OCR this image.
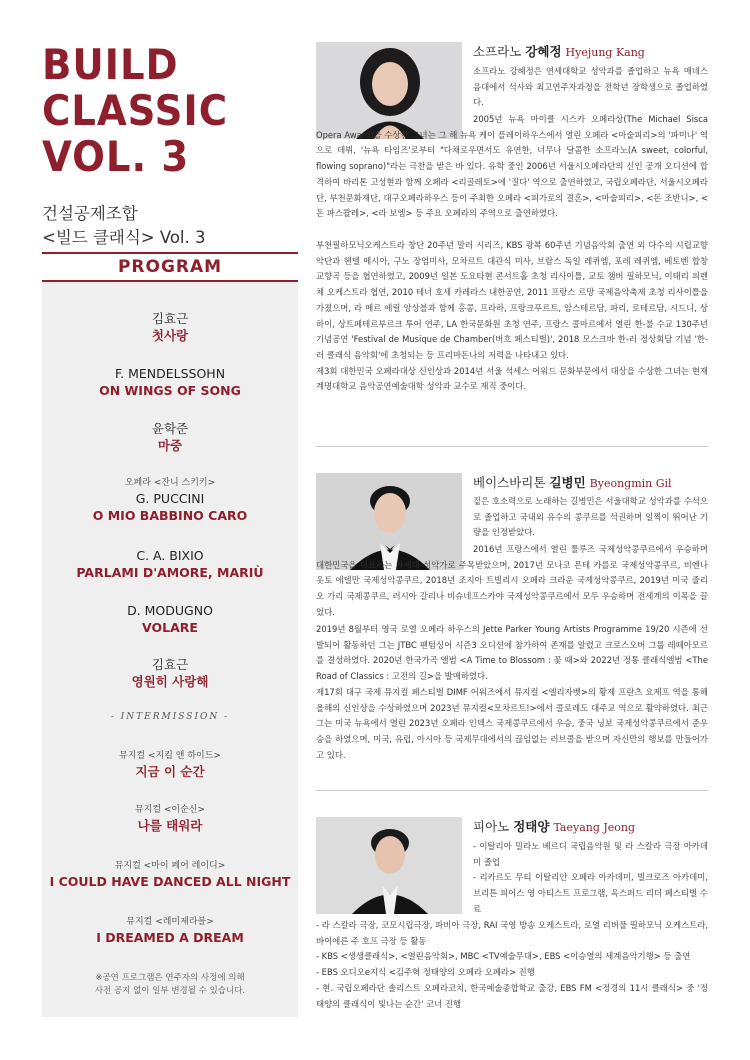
BUILD
CLASSIC
VOL. 3
건설공제조합
<빌드 클래식> Vol. 3
PROGRAM
김효근
첫사랑
F. MENDELSSOHN
ON WINGS OF SONG
윤학준
마중
오페라 <잔니 스키키>
G. PUCCINI
O MIO BABBINO CARO
C. A. BIXIO
PARLAMI D'AMORE, MARIÙ
D. MODUGNO
VOLARE
김효근
영원히 사랑해
- INTERMISSION -
뮤지컬 <지킬 앤 하이드>
지금 이 순간
뮤지컬 <이순신>
나를 태워라
뮤지컬 <마이 페어 레이디>
I COULD HAVE DANCED ALL NIGHT
뮤지컬 <레미제라블>
I DREAMED A DREAM
※공연 프로그램은 연주자의 사정에 의해
사전 공지 없이 일부 변경될 수 있습니다.
소프라노 강혜정 Hyejung Kang

소프라노 강혜정은 연세대학교 성악과를 졸업하고 뉴욕 매네스 음대에서 석사와 최고연주자과정을 전학년 장학생으로 졸업하였다.

2005년 뉴욕 마이클 시스카 오페라상(The Michael Sisca Opera Award)을 수상한 그녀는 그 해 뉴욕 케이 플레이하우스에서 열린 오페라 <마술피리>의 '파미나' 역으로 데뷔, '뉴욕 타임즈'로부터 "다채로우면서도 유연한, 너무나 달콤한 소프라노(A sweet, colorful, flowing soprano)"라는 극찬을 받은 바 있다. 유학 중인 2006년 서울시오페라단의 신인 공개 오디션에 합격하여 바리톤 고성현과 함께 오페라 <리골레토>에 '질다' 역으로 출연하였고, 국립오페라단, 서울시오페라단, 부천문화재단, 대구오페라하우스 등이 주최한 오페라 <피가로의 결혼>, <마술피리>, <돈 조반니>, <돈 파스콸레>, <라 보엠> 등 주요 오페라의 주역으로 출연하였다.

부천필하모닉오케스트라 창단 20주년 말러 시리즈, KBS 광복 60주년 기념음악회 출연 외 다수의 시립교향악단과 헨델 메시아, 구노 장엄미사, 모차르트 대관식 미사, 브람스 독일 레퀴엠, 포레 레퀴엠, 베토벤 합창 교향곡 등을 협연하였고, 2009년 일본 도요타현 콘서트홀 초청 리사이틀, 교토 챔버 필하모닉, 이태리 피렌체 오케스트라 협연, 2010 테너 호세 카레라스 내한공연, 2011 프랑스 르망 국제음악축제 초청 리사이틀을 가졌으며, 라 메르 에릴 앙상블과 함께 홍콩, 프라하, 프랑크푸르트, 암스테르담, 파리, 로테르담, 시드니, 상하이, 상트페테르부르크 투어 연주, LA 한국문화원 초청 연주, 프랑스 콜마르에서 열린 한-불 수교 130주년 기념공연 'Festival de Musique de Chamber(버흐 페스티벌)', 2018 모스크바 한-러 정상회담 기념 '한-러 클래식 음악회'에 초청되는 등 프리마돈나의 저력을 나타내고 있다.

제3회 대한민국 오페라대상 신인상과 2014년 서울 석세스 어워드 문화부문에서 대상을 수상한 그녀는 현재 계명대학교 음악공연예술대학 성악과 교수로 재직 중이다.

베이스바리톤 길병민 Byeongmin Gil

짙은 호소력으로 노래하는 길병민은 서울대학교 성악과를 수석으로 졸업하고 국내외 유수의 콩쿠르를 석권하며 일찍이 뛰어난 기량을 인정받았다.

2016년 프랑스에서 열린 툴루즈 국제성악콩쿠르에서 우승하며 대한민국을 대표하는 차세대 성악가로 주목받았으며, 2017년 모나코 몬테 카를로 국제성악콩쿠르, 비엔나 옷토 에델만 국제성악콩쿠르, 2018년 조지아 트빌리시 오페라 크라운 국제성악콩쿠르, 2019년 미국 줄리오 가리 국제콩쿠르, 러시아 갈리나 비슈네프스카야 국제성악콩쿠르에서 모두 우승하며 전세계의 이목을 끌었다.

2019년 8월부터 영국 로열 오페라 하우스의 Jette Parker Young Artists Programme 19/20 시즌에 선발되어 활동하던 그는 JTBC 팬텀싱어 시즌3 오디션에 참가하여 존재를 알렸고 크로스오버 그룹 레떼아모르를 결성하였다. 2020년 한국가곡 앨범 <A Time to Blossom : 꽃 때>와 2022년 정통 클래식앨범 <The Road of Classics : 고전의 길>을 발매하였다.

제17회 대구 국제 뮤지컬 페스티벌 DIMF 어워즈에서 뮤지컬 <엘리자벳>의 황제 프란츠 요제프 역을 통해 올해의 신인상을 수상하였으며 2023년 뮤지컬<모차르트!>에서 콜로레도 대주교 역으로 활약하였다. 최근 그는 미국 뉴욕에서 열린 2023년 오페라 인덱스 국제콩쿠르에서 우승, 중국 닝보 국제성악콩쿠르에서 준우승을 하였으며, 미국, 유럽, 아시아 등 국제무대에서의 끊임없는 러브콜을 받으며 자신만의 행보를 만들어가고 있다.

피아노 정태양 Taeyang Jeong

- 이탈리아 밀라노 베르디 국립음악원 및 라 스칼라 극장 아카데미 졸업

- 리카르도 무티 이탈리안 오페라 아카데미, 빌크로즈 아카데미, 브리튼 피어스 영 아티스트 프로그램, 옥스퍼드 리더 페스티벌 수료

- 라 스칼라 극장, 코모시립극장, 파비아 극장, RAI 국영 방송 오케스트라, 로열 리버풀 필하모닉 오케스트라, 바이에른 주 호프 극장 등 활동

- KBS <생생클래식>, <열린음악회>, MBC <TV예술무대>, EBS <이승열의 세계음악기행> 등 출연

- EBS 오디오e지식 <김주혁 정태양의 오페라 오페라> 진행

- 현. 국립오페라단 솔리스트 오페라코치, 한국예술종합학교 출강, EBS FM <정경의 11시 클래식> 중 '정태양의 클래식이 빛나는 순간' 코너 진행
